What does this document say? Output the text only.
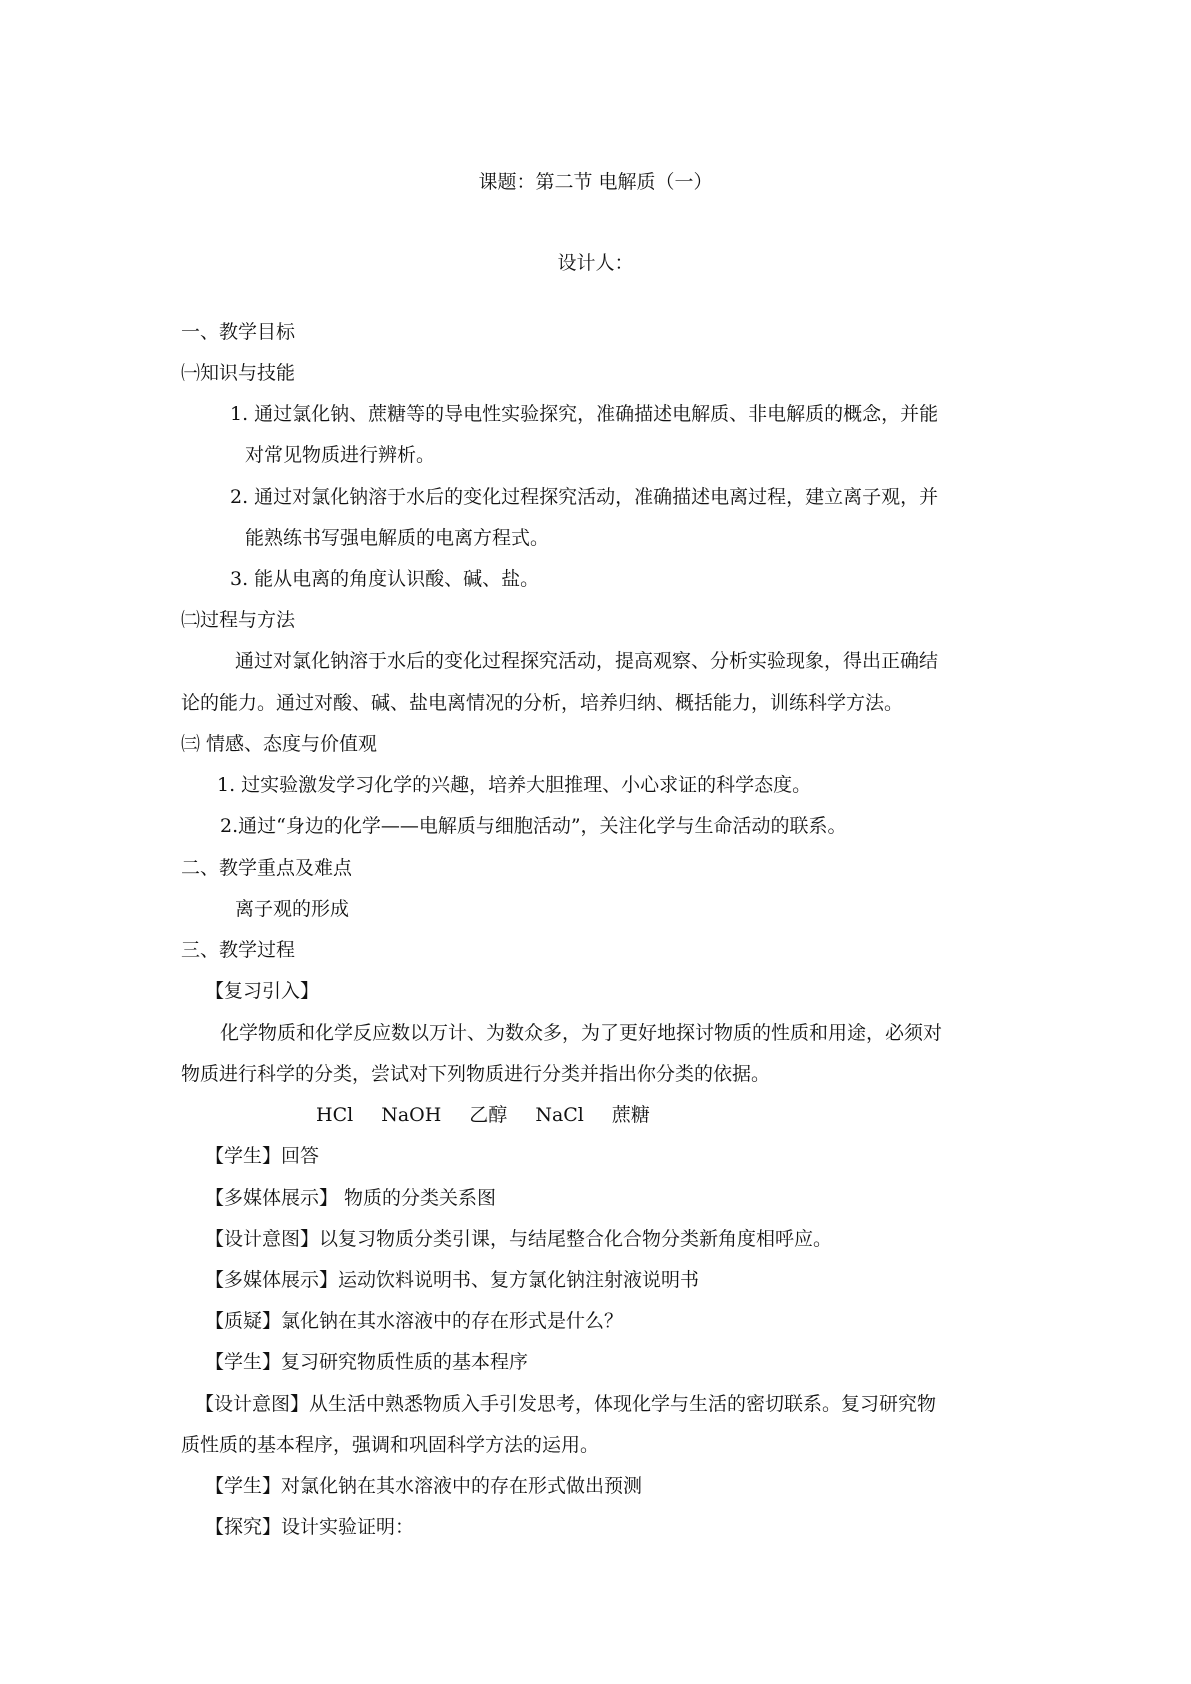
课题：第二节 电解质（一）
设计人：
一、教学目标
㈠知识与技能
1. 通过氯化钠、蔗糖等的导电性实验探究，准确描述电解质、非电解质的概念，并能
对常见物质进行辨析。
2. 通过对氯化钠溶于水后的变化过程探究活动，准确描述电离过程，建立离子观，并
能熟练书写强电解质的电离方程式。
3. 能从电离的角度认识酸、碱、盐。
㈡过程与方法
通过对氯化钠溶于水后的变化过程探究活动，提高观察、分析实验现象，得出正确结
论的能力。通过对酸、碱、盐电离情况的分析，培养归纳、概括能力，训练科学方法。
㈢ 情感、态度与价值观
1. 过实验激发学习化学的兴趣，培养大胆推理、小心求证的科学态度。
2.通过“身边的化学——电解质与细胞活动”，关注化学与生命活动的联系。
二、教学重点及难点
离子观的形成
三、教学过程
【复习引入】
化学物质和化学反应数以万计、为数众多，为了更好地探讨物质的性质和用途，必须对
物质进行科学的分类，尝试对下列物质进行分类并指出你分类的依据。
HCl NaOH 乙醇 NaCl 蔗糖
【学生】回答
【多媒体展示】 物质的分类关系图
【设计意图】以复习物质分类引课，与结尾整合化合物分类新角度相呼应。
【多媒体展示】运动饮料说明书、复方氯化钠注射液说明书
【质疑】氯化钠在其水溶液中的存在形式是什么？
【学生】复习研究物质性质的基本程序
【设计意图】从生活中熟悉物质入手引发思考，体现化学与生活的密切联系。复习研究物
质性质的基本程序，强调和巩固科学方法的运用。
【学生】对氯化钠在其水溶液中的存在形式做出预测
【探究】设计实验证明：
